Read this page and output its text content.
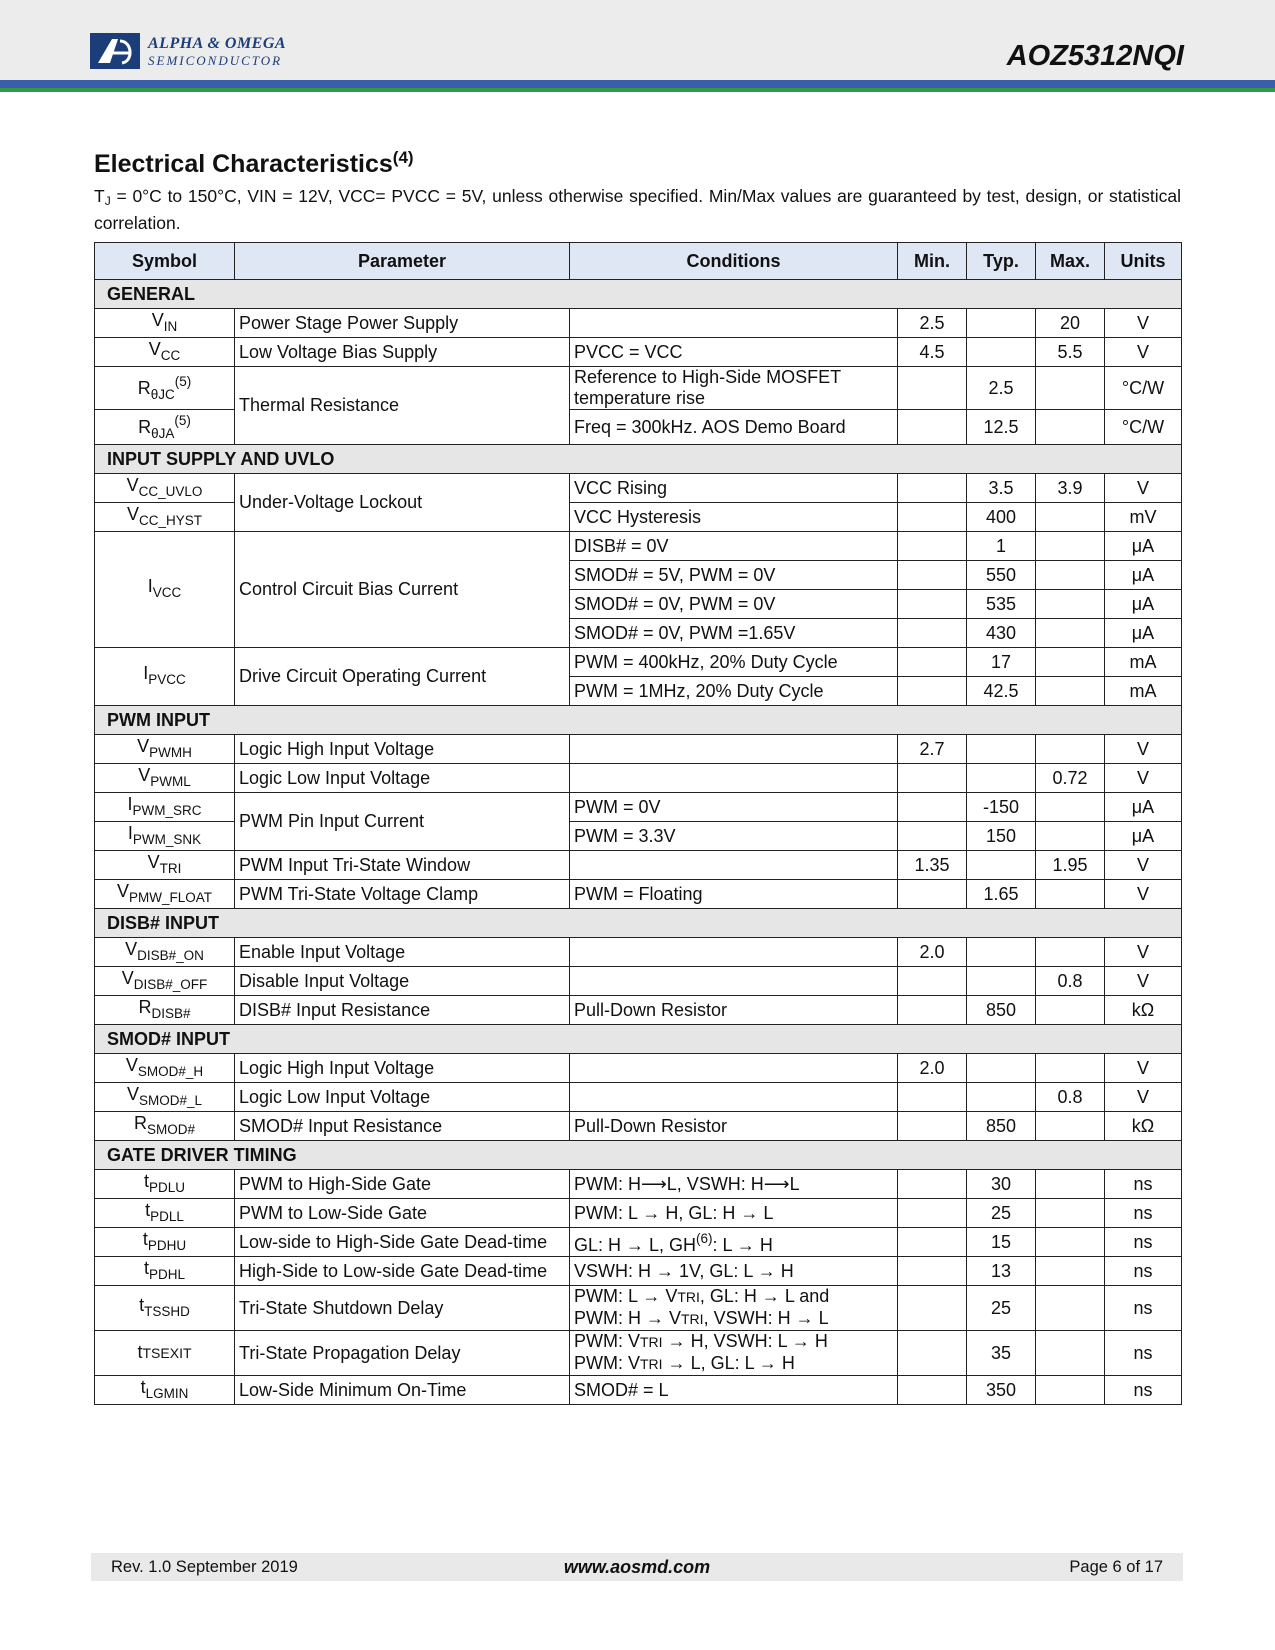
ALPHA & OMEGA
SEMICONDUCTOR	AOZ5312NQI
Electrical Characteristics$^{(4)}$
$T_J = 0^\circ C$ to 150°C, VIN = 12V, VCC= PVCC = 5V, unless otherwise specified. Min/Max values are guaranteed by test, design, or statistical correlation.
Symbol	Parameter	Conditions	Min.	Typ.	Max.	Units
GENERAL						
$V_{IN}$	Power Stage Power Supply		2.5		20	V
$V_{CC}$	Low Voltage Bias Supply	PVCC = VCC	4.5		5.5	V
$R_{\theta JC}^{(5)}$	Thermal Resistance	Reference to High-Side MOSFET temperature rise		2.5		°C/W
$R_{\theta JA}^{(5)}$		Freq = 300kHz. AOS Demo Board		12.5		°C/W
INPUT SUPPLY AND UVLO						
$V_{CC\_UVLO}$	Under-Voltage Lockout	VCC Rising		3.5	3.9	V
$V_{CC\_HYST}$		VCC Hysteresis		400		mV
$I_{VCC}$	Control Circuit Bias Current	DISB# = 0V		1		μA
		SMOD# = 5V, PWM = 0V		550		μA
		SMOD# = 0V, PWM = 0V		535		μA
		SMOD# = 0V, PWM =1.65V		430		μA
$I_{PVCC}$	Drive Circuit Operating Current	PWM = 400kHz, 20% Duty Cycle		17		mA
		PWM = 1MHz, 20% Duty Cycle		42.5		mA
PWM INPUT						
$V_{PWMH}$	Logic High Input Voltage		2.7			V
$V_{PWML}$	Logic Low Input Voltage				0.72	V
$I_{PWM\_SRC}$	PWM Pin Input Current	PWM = 0V		-150		μA
$I_{PWM\_SNK}$		PWM = 3.3V		150		μA
$V_{TRI}$	PWM Input Tri-State Window		1.35		1.95	V
$V_{PMW\_FLOAT}$	PWM Tri-State Voltage Clamp	PWM = Floating		1.65		V
DISB# INPUT						
$V_{DISB\#\_ON}$	Enable Input Voltage		2.0			V
$V_{DISB\#\_OFF}$	Disable Input Voltage				0.8	V
$R_{DISB\#}$	DISB# Input Resistance	Pull-Down Resistor		850		kΩ
SMOD# INPUT						
$V_{SMOD\#\_H}$	Logic High Input Voltage		2.0			V
$V_{SMOD\#\_L}$	Logic Low Input Voltage				0.8	V
$R_{SMOD\#}$	SMOD# Input Resistance	Pull-Down Resistor		850		kΩ
GATE DRIVER TIMING						
$t_{PDLU}$	PWM to High-Side Gate	PWM: H⟶L, VSWH: H⟶L		30		ns
$t_{PDLL}$	PWM to Low-Side Gate	PWM: L → H, GL: H → L		25		ns
$t_{PDHU}$	Low-side to High-Side Gate Dead-time	GL: H → L, GH$^{(6)}$: L → H		15		ns
$t_{PDHL}$	High-Side to Low-side Gate Dead-time	VSWH: H → 1V, GL: L → H		13		ns
$t_{TSSHD}$	Tri-State Shutdown Delay	PWM: L → VTRI, GL: H → L and
PWM: H → VTRI, VSWH: H → L		25		ns
tTSEXIT	Tri-State Propagation Delay	PWM: VTRI → H, VSWH: L → H
PWM: VTRI → L, GL: L → H		35		ns
$t_{LGMIN}$	Low-Side Minimum On-Time	SMOD# = L		350		ns
Rev. 1.0 September 2019	www.aosmd.com	Page 6 of 17
